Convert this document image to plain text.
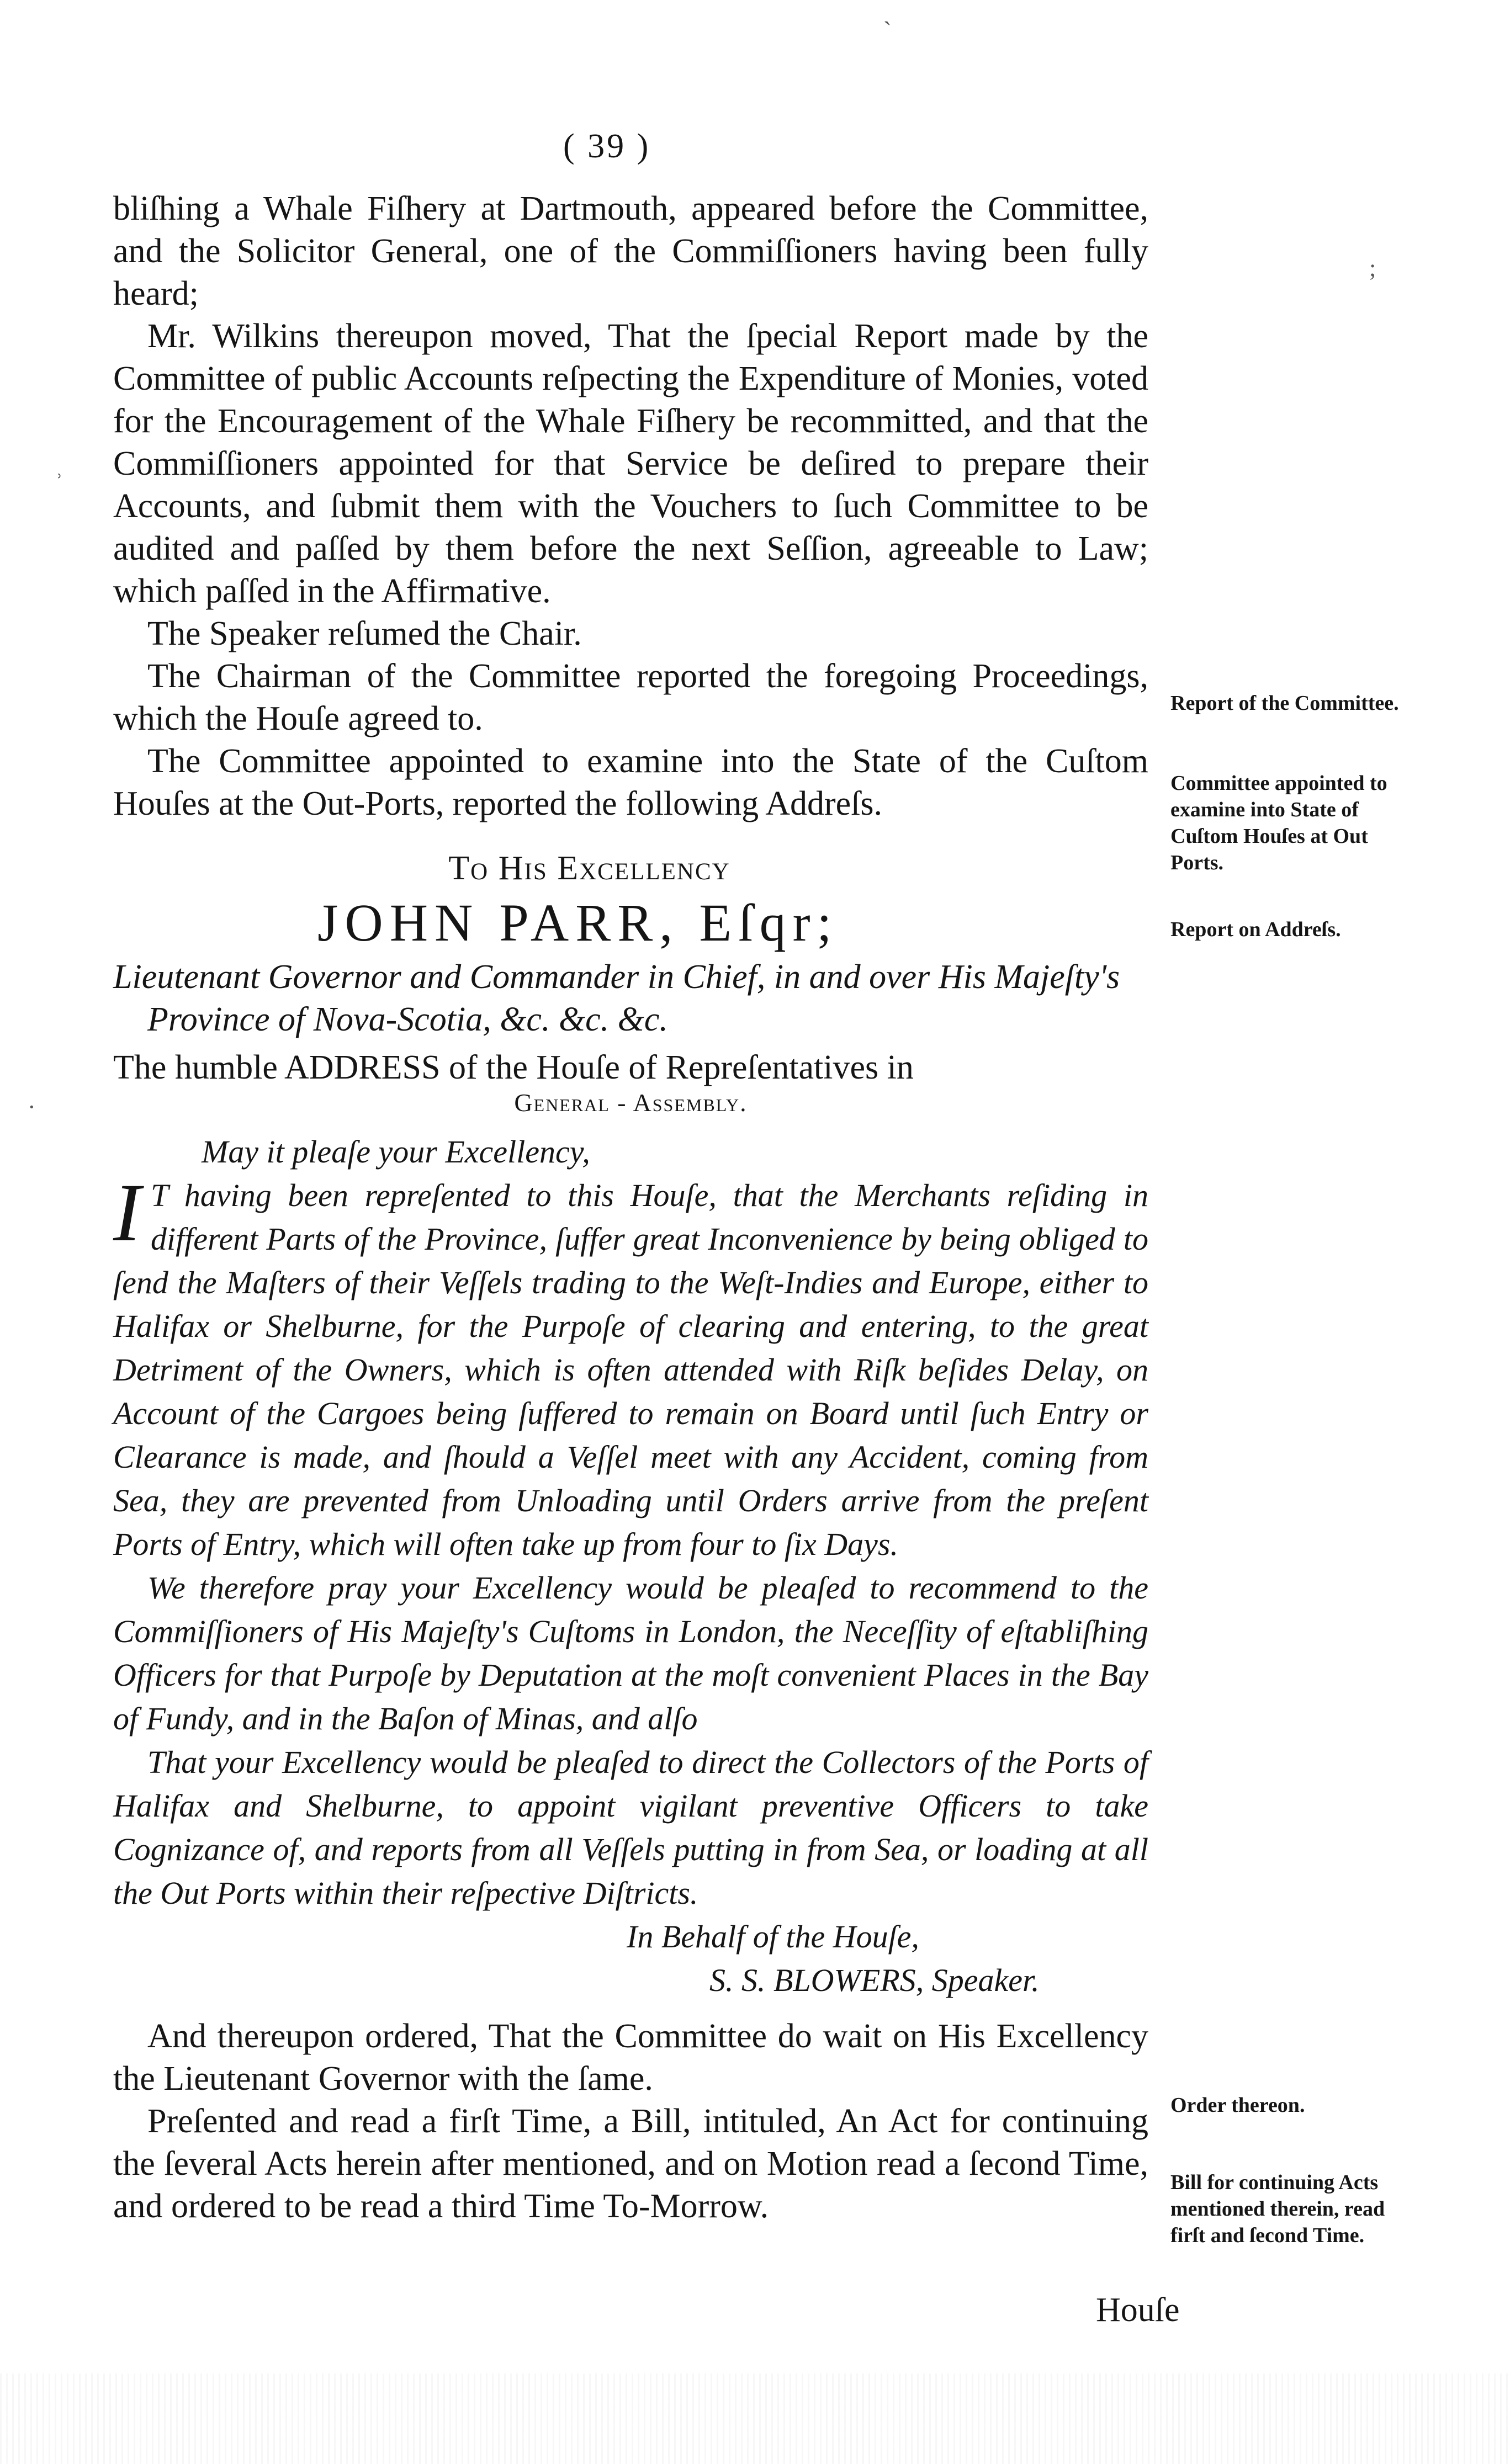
( 39 )
`
;
ʾ
·

bliſhing a Whale Fiſhery at Dartmouth, appeared before the Committee, and the Solicitor General, one of the Commiſſioners having been fully heard;

Mr. Wilkins thereupon moved, That the ſpecial Report made by the Committee of public Accounts reſpecting the Expenditure of Monies, voted for the Encouragement of the Whale Fiſhery be recommitted, and that the Commiſſioners appointed for that Service be deſired to prepare their Accounts, and ſubmit them with the Vouchers to ſuch Committee to be audited and paſſed by them before the next Seſſion, agreeable to Law; which paſſed in the Affirmative.

The Speaker reſumed the Chair.

The Chairman of the Committee reported the foregoing Proceedings, which the Houſe agreed to.

The Committee appointed to examine into the State of the Cuſtom Houſes at the Out-Ports, reported the following Addreſs.

To His Excellency

JOHN PARR, Eſqr;

Lieutenant Governor and Commander in Chief, in and over His Majeſty's

Province of Nova-Scotia, &c. &c. &c.

The humble ADDRESS of the Houſe of Repreſentatives in

General - Assembly.

May it pleaſe your Excellency,

I T having been repreſented to this Houſe, that the Merchants reſiding in different Parts of the Province, ſuffer great Inconvenience by being obliged to ſend the Maſters of their Veſſels trading to the Weſt-Indies and Europe, either to Halifax or Shelburne, for the Purpoſe of clearing and entering, to the great Detriment of the Owners, which is often attended with Riſk beſides Delay, on Account of the Cargoes being ſuffered to remain on Board until ſuch Entry or Clearance is made, and ſhould a Veſſel meet with any Accident, coming from Sea, they are prevented from Unloading until Orders arrive from the preſent Ports of Entry, which will often take up from four to ſix Days.

We therefore pray your Excellency would be pleaſed to recommend to the Commiſſioners of His Majeſty's Cuſtoms in London, the Neceſſity of eſtabliſhing Officers for that Purpoſe by Deputation at the moſt convenient Places in the Bay of Fundy, and in the Baſon of Minas, and alſo

That your Excellency would be pleaſed to direct the Collectors of the Ports of Halifax and Shelburne, to appoint vigilant preventive Officers to take Cognizance of, and reports from all Veſſels putting in from Sea, or loading at all the Out Ports within their reſpective Diſtricts.

In Behalf of the Houſe,

S. S. BLOWERS, Speaker.

And thereupon ordered, That the Committee do wait on His Excellency the Lieutenant Governor with the ſame.

Preſented and read a firſt Time, a Bill, intituled, An Act for continuing the ſeveral Acts herein after mentioned, and on Motion read a ſecond Time, and ordered to be read a third Time To-Morrow.

Report of the Committee.
Committee appointed to examine into State of Cuſtom Houſes at Out Ports.
Report on Addreſs.
Order thereon.
Bill for continuing Acts mentioned therein, read firſt and ſecond Time.
Houſe
